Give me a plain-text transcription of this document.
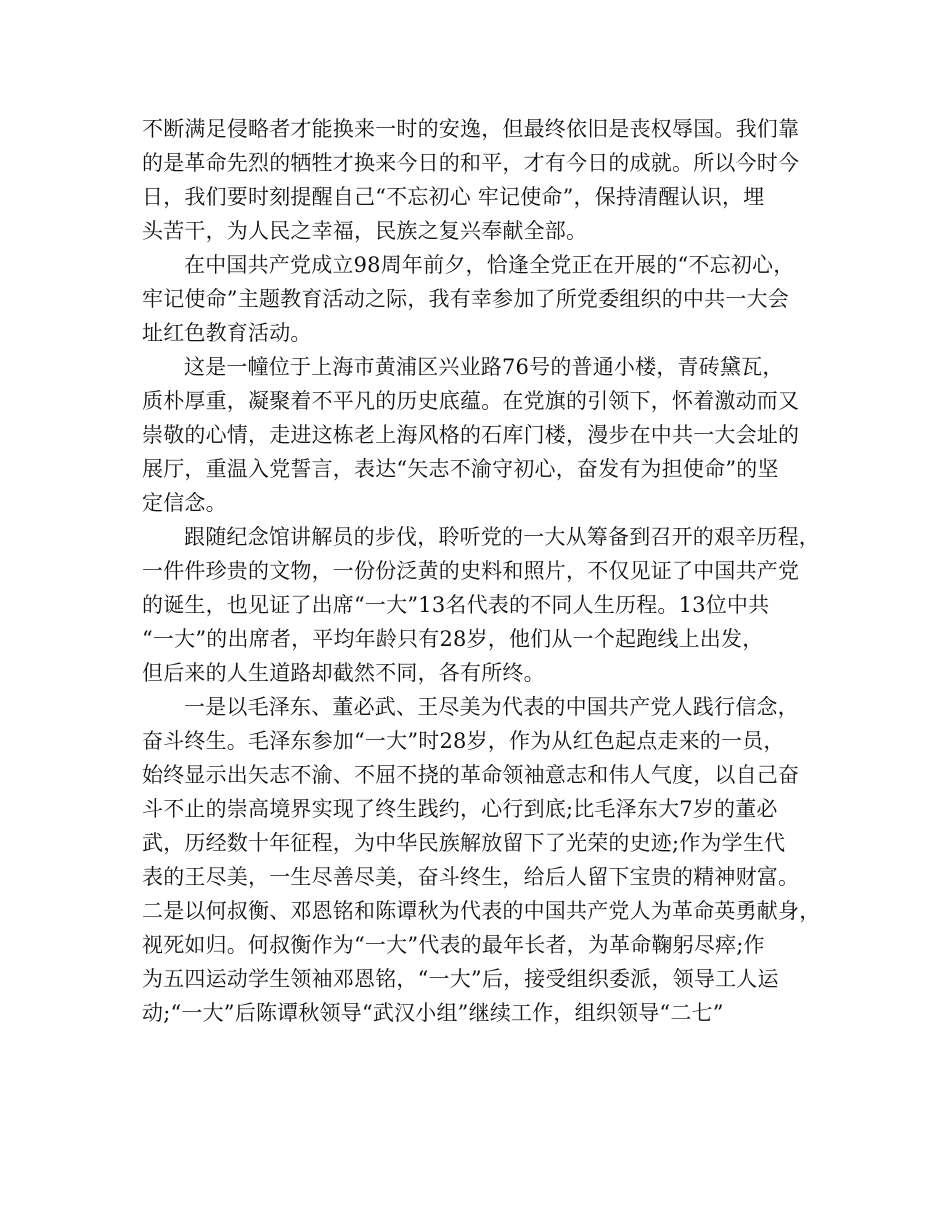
不断满足侵略者才能换来一时的安逸，但最终依旧是丧权辱国。我们靠
的是革命先烈的牺牲才换来今日的和平，才有今日的成就。所以今时今
日，我们要时刻提醒自己“不忘初心 牢记使命”，保持清醒认识，埋
头苦干，为人民之幸福，民族之复兴奉献全部。
在中国共产党成立98周年前夕，恰逢全党正在开展的“不忘初心，
牢记使命”主题教育活动之际，我有幸参加了所党委组织的中共一大会
址红色教育活动。
这是一幢位于上海市黄浦区兴业路76号的普通小楼，青砖黛瓦，
质朴厚重，凝聚着不平凡的历史底蕴。在党旗的引领下，怀着激动而又
崇敬的心情，走进这栋老上海风格的石库门楼，漫步在中共一大会址的
展厅，重温入党誓言，表达“矢志不渝守初心，奋发有为担使命”的坚
定信念。
跟随纪念馆讲解员的步伐，聆听党的一大从筹备到召开的艰辛历程，
一件件珍贵的文物，一份份泛黄的史料和照片，不仅见证了中国共产党
的诞生，也见证了出席“一大”13名代表的不同人生历程。13位中共
“一大”的出席者，平均年龄只有28岁，他们从一个起跑线上出发，
但后来的人生道路却截然不同，各有所终。
一是以毛泽东、董必武、王尽美为代表的中国共产党人践行信念，
奋斗终生。毛泽东参加“一大”时28岁，作为从红色起点走来的一员，
始终显示出矢志不渝、不屈不挠的革命领袖意志和伟人气度，以自己奋
斗不止的崇高境界实现了终生践约，心行到底;比毛泽东大7岁的董必
武，历经数十年征程，为中华民族解放留下了光荣的史迹;作为学生代
表的王尽美，一生尽善尽美，奋斗终生，给后人留下宝贵的精神财富。
二是以何叔衡、邓恩铭和陈谭秋为代表的中国共产党人为革命英勇献身，
视死如归。何叔衡作为“一大”代表的最年长者，为革命鞠躬尽瘁;作
为五四运动学生领袖邓恩铭，“一大”后，接受组织委派，领导工人运
动;“一大”后陈谭秋领导“武汉小组”继续工作，组织领导“二七”
